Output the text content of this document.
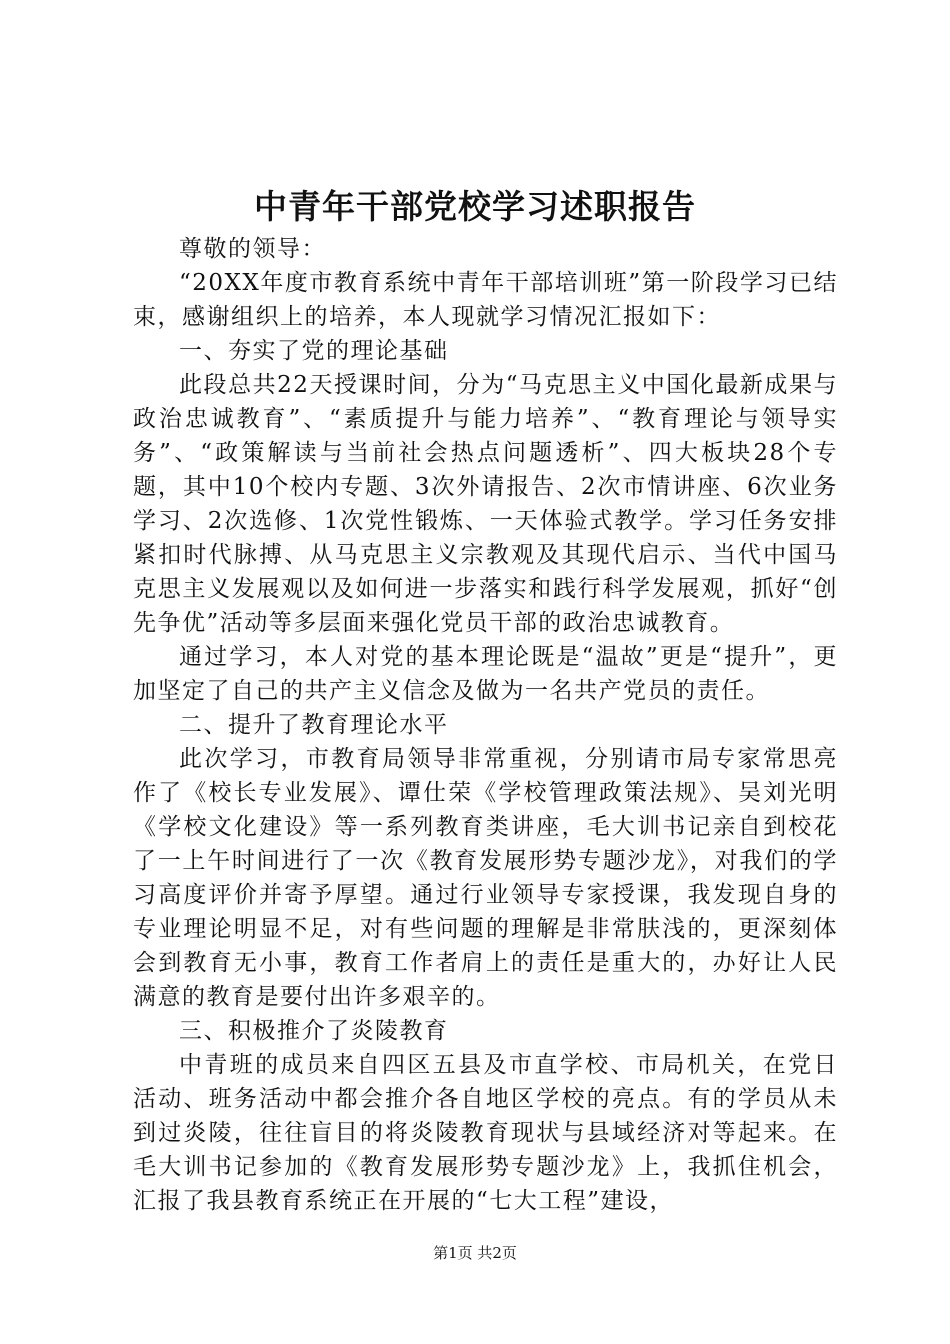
中青年干部党校学习述职报告

尊敬的领导：

“20XX年度市教育系统中青年干部培训班”第一阶段学习已结束，感谢组织上的培养，本人现就学习情况汇报如下：

一、夯实了党的理论基础

此段总共22天授课时间，分为“马克思主义中国化最新成果与政治忠诚教育”、“素质提升与能力培养”、“教育理论与领导实务”、“政策解读与当前社会热点问题透析”、四大板块28个专题，其中10个校内专题、3次外请报告、2次市情讲座、6次业务学习、2次选修、1次党性锻炼、一天体验式教学。学习任务安排紧扣时代脉搏、从马克思主义宗教观及其现代启示、当代中国马克思主义发展观以及如何进一步落实和践行科学发展观，抓好“创先争优”活动等多层面来强化党员干部的政治忠诚教育。

通过学习，本人对党的基本理论既是“温故”更是“提升”，更加坚定了自己的共产主义信念及做为一名共产党员的责任。

二、提升了教育理论水平

此次学习，市教育局领导非常重视，分别请市局专家常思亮作了《校长专业发展》、谭仕荣《学校管理政策法规》、吴刘光明《学校文化建设》等一系列教育类讲座，毛大训书记亲自到校花了一上午时间进行了一次《教育发展形势专题沙龙》，对我们的学习高度评价并寄予厚望。通过行业领导专家授课，我发现自身的专业理论明显不足，对有些问题的理解是非常肤浅的，更深刻体会到教育无小事，教育工作者肩上的责任是重大的，办好让人民满意的教育是要付出许多艰辛的。

三、积极推介了炎陵教育

中青班的成员来自四区五县及市直学校、市局机关，在党日活动、班务活动中都会推介各自地区学校的亮点。有的学员从未到过炎陵，往往盲目的将炎陵教育现状与县域经济对等起来。在毛大训书记参加的《教育发展形势专题沙龙》上，我抓住机会，汇报了我县教育系统正在开展的“七大工程”建设，

第1页 共2页
